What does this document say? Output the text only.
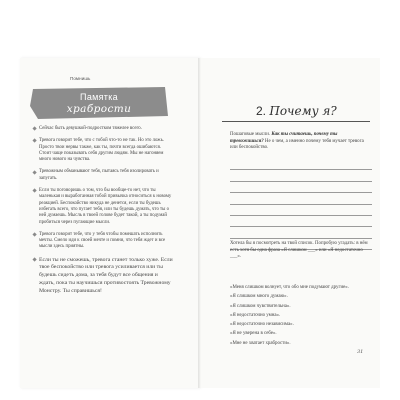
Помнишь
Памятка
храбрости
Сейчас быть девушкой-подростком тяжелее всего.
Тревога говорит тебе, что с тобой что-то не так. Но это ложь. Просто твои нервы также, как ты, почти всегда ошибаются. Стоит чаще показывать себя другим людям. Мы не нагоняем много нового на чувства.
Тревожным обманывают тебя, пытаясь тебя изолировать и запугать.
Если ты поговоришь о том, что бы вообще-то нет, что ты маленькая и выработанная тобой привычка относиться к новому реакцией. Беспокойство никуда не денется, если ты будешь избегать всего, что пугает тебя, или ты будешь думать, что ты о ней думаешь. Мысль в твоей голове будет такой, а ты подумай пробиться через пугающие мысли.
Тревога говорит тебе, что у тебя чтобы помешать исполнить мечты. Смело иди к своей мечте и помни, что тебя ждет и все мысли здесь приятны.
Если ты не сможешь, тревога станет только хуже. Если твое беспокойство или тревога усиливается или ты будешь сидеть дома, за тебя будут все общения и ждать, пока ты научишься противостоять Тревожному Монстру. Ты справишься!
2. Почему я?

Пошаговые мысли. Как ты считаешь, почему ты тревожишься? Не о чем, а именно почему тебя мучает тревога или беспокойство.

Хотела бы я посмотреть на твой список. Попробую угадать: в нём есть хотя бы одна фраза «Я слишком ___» или «Я недостаточно ___».

«Меня слишком волнует, что обо мне подумают другие».
«Я слишком много думаю».
«Я слишком чувствительна».
«Я недостаточно умна».
«Я недостаточно независима».
«Я не уверена в себе».
«Мне не хватает храбрости».
31
